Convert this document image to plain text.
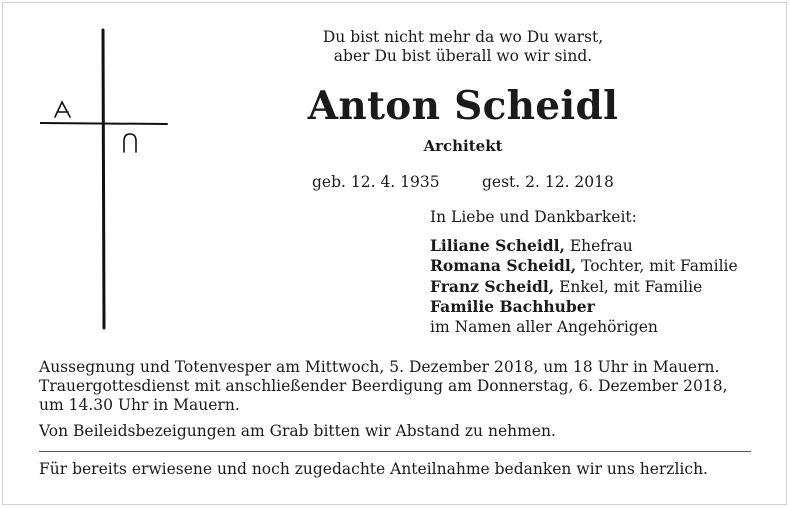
Du bist nicht mehr da wo Du warst,
aber Du bist überall wo wir sind.
Anton Scheidl
Architekt
geb. 12. 4. 1935	gest. 2. 12. 2018
In Liebe und Dankbarkeit:
Liliane Scheidl, Ehefrau
Romana Scheidl, Tochter, mit Familie
Franz Scheidl, Enkel, mit Familie
Familie Bachhuber
im Namen aller Angehörigen

Aussegnung und Totenvesper am Mittwoch, 5. Dezember 2018, um 18 Uhr in Mauern.

Trauergottesdienst mit anschließender Beerdigung am Donnerstag, 6. Dezember 2018,

um 14.30 Uhr in Mauern.

Von Beileidsbezeigungen am Grab bitten wir Abstand zu nehmen.

Für bereits erwiesene und noch zugedachte Anteilnahme bedanken wir uns herzlich.
